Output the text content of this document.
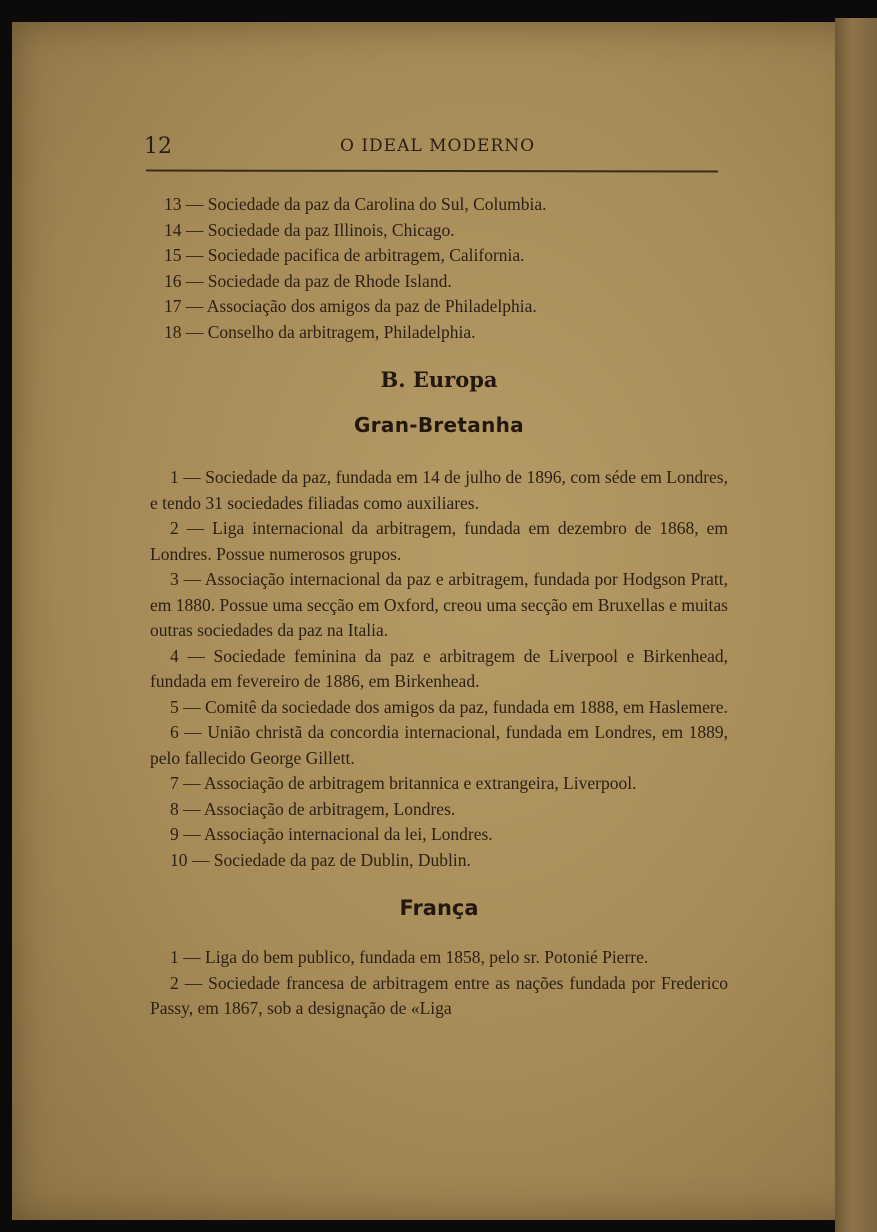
12	O IDEAL MODERNO
13 — Sociedade da paz da Carolina do Sul, Columbia.
14 — Sociedade da paz Illinois, Chicago.
15 — Sociedade pacifica de arbitragem, California.
16 — Sociedade da paz de Rhode Island.
17 — Associação dos amigos da paz de Philadelphia.
18 — Conselho da arbitragem, Philadelphia.
B. Europa
Gran-Bretanha
1 — Sociedade da paz, fundada em 14 de julho de 1896, com séde em Londres, e tendo 31 sociedades filiadas como auxiliares.
2 — Liga internacional da arbitragem, fundada em dezembro de 1868, em Londres. Possue numerosos grupos.
3 — Associação internacional da paz e arbitragem, fundada por Hodgson Pratt, em 1880. Possue uma secção em Oxford, creou uma secção em Bruxellas e muitas outras sociedades da paz na Italia.
4 — Sociedade feminina da paz e arbitragem de Liverpool e Birkenhead, fundada em fevereiro de 1886, em Birkenhead.
5 — Comitê da sociedade dos amigos da paz, fundada em 1888, em Haslemere.
6 — União christã da concordia internacional, fundada em Londres, em 1889, pelo fallecido George Gillett.
7 — Associação de arbitragem britannica e extrangeira, Liverpool.
8 — Associação de arbitragem, Londres.
9 — Associação internacional da lei, Londres.
10 — Sociedade da paz de Dublin, Dublin.
França
1 — Liga do bem publico, fundada em 1858, pelo sr. Potonié Pierre.
2 — Sociedade francesa de arbitragem entre as nações fundada por Frederico Passy, em 1867, sob a designação de «Liga
